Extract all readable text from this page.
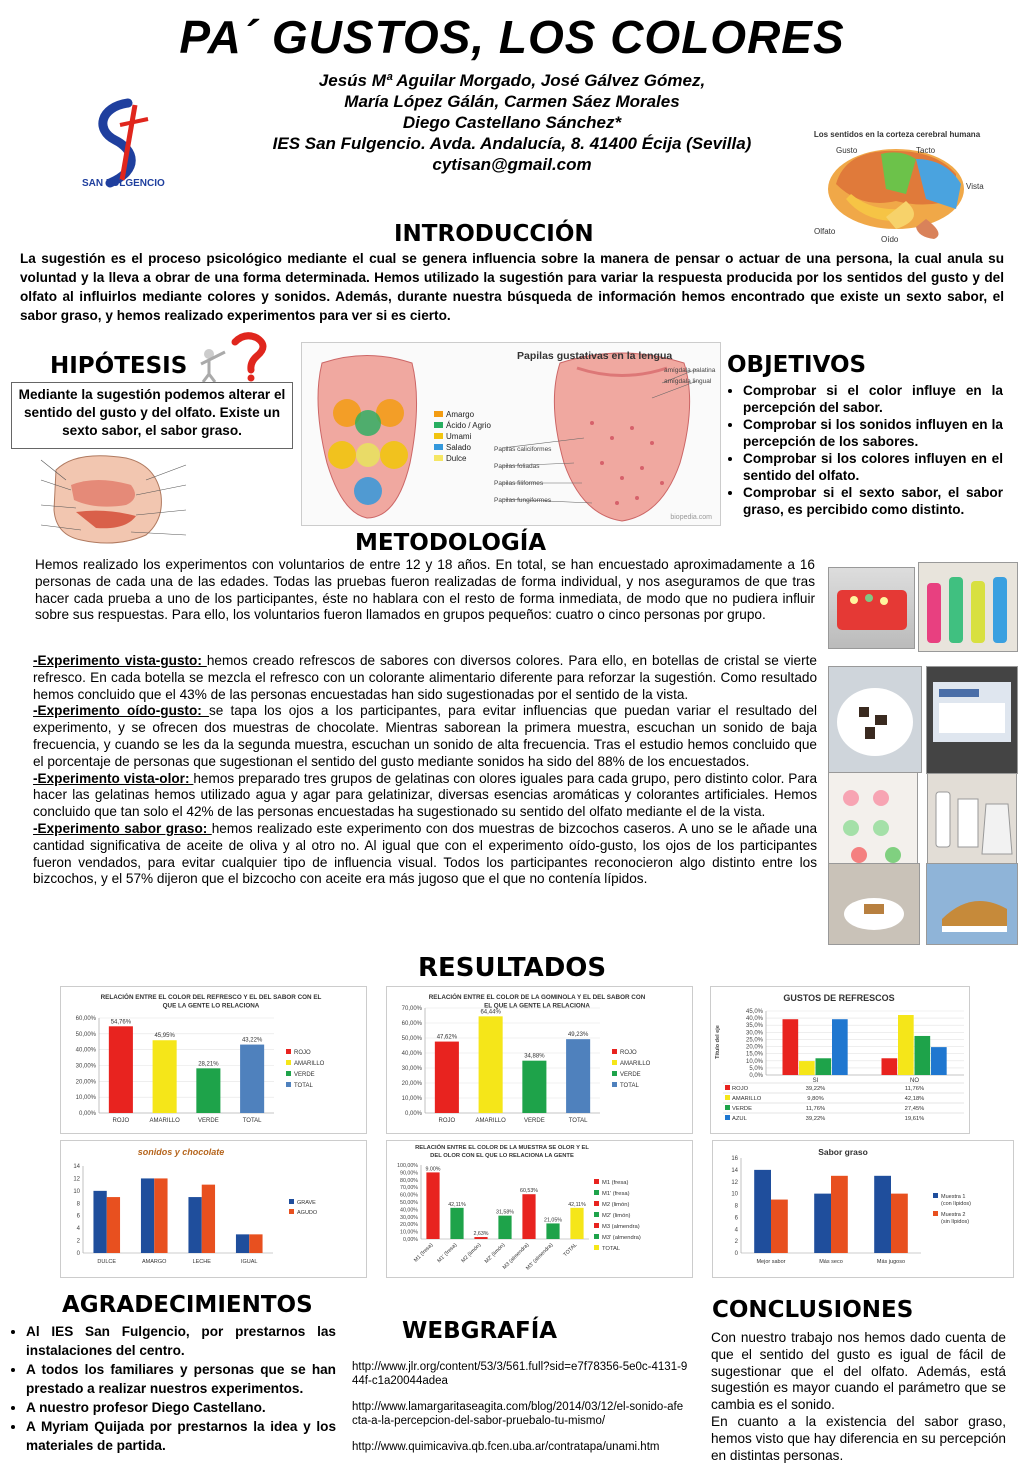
PA´ GUSTOS, LOS COLORES
Jesús Mª Aguilar Morgado, José Gálvez Gómez,
María López Gálán, Carmen Sáez Morales
Diego Castellano Sánchez*
IES San Fulgencio. Avda. Andalucía, 8. 41400 Écija (Sevilla)
cytisan@gmail.com
SAN FULGENCIO
Los sentidos en la corteza cerebral humana
Gusto	Tacto
Vista
Olfato
Oído
INTRODUCCIÓN
La sugestión es el proceso psicológico mediante el cual se genera influencia sobre la manera de pensar o actuar de una persona, la cual anula su voluntad y la lleva a obrar de una forma determinada. Hemos utilizado la sugestión para variar la respuesta producida por los sentidos del gusto y del olfato al influirlos mediante colores y sonidos. Además, durante nuestra búsqueda de información hemos encontrado que existe un sexto sabor, el sabor graso, y hemos realizado experimentos para ver si es cierto.
HIPÓTESIS
Mediante la sugestión podemos alterar el sentido del gusto y del olfato. Existe un sexto sabor, el sabor graso.
Papilas gustativas en la lengua
Amargo
Ácido / Agrio
Umami
Salado
Dulce
Papilas caliciformes
Papilas foliadas
Papilas filiformes
Papilas fungiformes
amígdala palatina
amígdala lingual
biopedia.com
OBJETIVOS
• Comprobar si el color influye en la percepción del sabor.
• Comprobar si los sonidos influyen en la percepción de los sabores.
• Comprobar si los colores influyen en el sentido del olfato.
• Comprobar si el sexto sabor, el sabor graso, es percibido como distinto.
METODOLOGÍA
Hemos realizado los experimentos con voluntarios de entre 12 y 18 años. En total, se han encuestado aproximadamente a 16 personas de cada una de las edades. Todas las pruebas fueron realizadas de forma individual, y nos aseguramos de que tras hacer cada prueba a uno de los participantes, éste no hablara con el resto de forma inmediata, de modo que no pudiera influir sobre sus respuestas. Para ello, los voluntarios fueron llamados en grupos pequeños: cuatro o cinco personas por grupo.
-Experimento vista-gusto: hemos creado refrescos de sabores con diversos colores. Para ello, en botellas de cristal se vierte refresco. En cada botella se mezcla el refresco con un colorante alimentario diferente para reforzar la sugestión. Como resultado hemos concluido que el 43% de las personas encuestadas han sido sugestionadas por el sentido de la vista.
-Experimento oído-gusto: se tapa los ojos a los participantes, para evitar influencias que puedan variar el resultado del experimento, y se ofrecen dos muestras de chocolate. Mientras saborean la primera muestra, escuchan un sonido de baja frecuencia, y cuando se les da la segunda muestra, escuchan un sonido de alta frecuencia. Tras el estudio hemos concluido que el porcentaje de personas que sugestionan el sentido del gusto mediante sonidos ha sido del 88% de los encuestados.
-Experimento vista-olor: hemos preparado tres grupos de gelatinas con olores iguales para cada grupo, pero distinto color. Para hacer las gelatinas hemos utilizado agua y agar para gelatinizar, diversas esencias aromáticas y colorantes artificiales. Hemos concluido que tan solo el 42% de las personas encuestadas ha sugestionado su sentido del olfato mediante el de la vista.
-Experimento sabor graso: hemos realizado este experimento con dos muestras de bizcochos caseros. A uno se le añade una cantidad significativa de aceite de oliva y al otro no. Al igual que con el experimento oído-gusto, los ojos de los participantes fueron vendados, para evitar cualquier tipo de influencia visual. Todos los participantes reconocieron algo distinto entre los bizcochos, y el 57% dijeron que el bizcocho con aceite era más jugoso que el que no contenía lípidos.
RESULTADOS
RELACIÓN ENTRE EL COLOR DEL REFRESCO Y EL DEL SABOR CON EL
QUE LA GENTE LO RELACIONA
0,00%
10,00%
20,00%
30,00%
40,00%
50,00%
60,00%
54,76%
ROJO
45,95%
AMARILLO
28,21%
VERDE
43,22%
TOTAL
ROJO
AMARILLO
VERDE
TOTAL
RELACIÓN ENTRE EL COLOR DE LA GOMINOLA Y EL DEL SABOR CON
EL QUE LA GENTE LA RELACIONA
0,00%
10,00%
20,00%
30,00%
40,00%
50,00%
60,00%
70,00%
47,62%
ROJO
64,44%
AMARILLO
34,88%
VERDE
49,23%
TOTAL
ROJO
AMARILLO
VERDE
TOTAL
GUSTOS DE REFRESCOS
Título del eje
0,0%
5,0%
10,0%
15,0%
20,0%
25,0%
30,0%
35,0%
40,0%
45,0%
SI	NO
ROJO	39,22%	11,76%
AMARILLO	9,80%	42,18%
VERDE	11,76%	27,45%
AZUL	39,22%	19,61%
sonidos y chocolate
0
2
4
6
8
10
12
14
DULCE	AMARGO	LECHE	IGUAL
GRAVE
AGUDO
RELACIÓN ENTRE EL COLOR DE LA MUESTRA SE OLOR Y EL
DEL OLOR CON EL QUE LO RELACIONA LA GENTE
0,00%
10,00%
20,00%
30,00%
40,00%
50,00%
60,00%
70,00%
80,00%
90,00%
100,00%
9.00%
M1 (fresa)
42,11%
M1' (fresa)
2,63%
M2 (limón)
31,58%
M2' (limón)
60,53%
M3 (almendra)
21,05%
M3' (almendra)
42,11%
TOTAL
M1 (fresa)
M1' (fresa)
M2 (limón)
M2' (limón)
M3 (almendra)
M3' (almendra)
TOTAL
Sabor graso
0
2
4
6
8
10
12
14
16
Mejor sabor	Más seco	Más jugoso
Muestra 1
(con lípidos)
Muestra 2
(sin lípidos)
AGRADECIMIENTOS
• Al IES San Fulgencio, por prestarnos las instalaciones del centro.
• A todos los familiares y personas que se han prestado a realizar nuestros experimentos.
• A nuestro profesor Diego Castellano.
• A Myriam Quijada por prestarnos la idea y los materiales de partida.
WEBGRAFÍA
http://www.jlr.org/content/53/3/561.full?sid=e7f78356-5e0c-4131-944f-c1a20044adea
http://www.lamargaritaseagita.com/blog/2014/03/12/el-sonido-afecta-a-la-percepcion-del-sabor-pruebalo-tu-mismo/
http://www.quimicaviva.qb.fcen.uba.ar/contratapa/unami.htm
CONCLUSIONES
Con nuestro trabajo nos hemos dado cuenta de que el sentido del gusto es igual de fácil de sugestionar que el del olfato. Además, está sugestión es mayor cuando el parámetro que se cambia es el sonido.
En cuanto a la existencia del sabor graso, hemos visto que hay diferencia en su percepción en distintas personas.
